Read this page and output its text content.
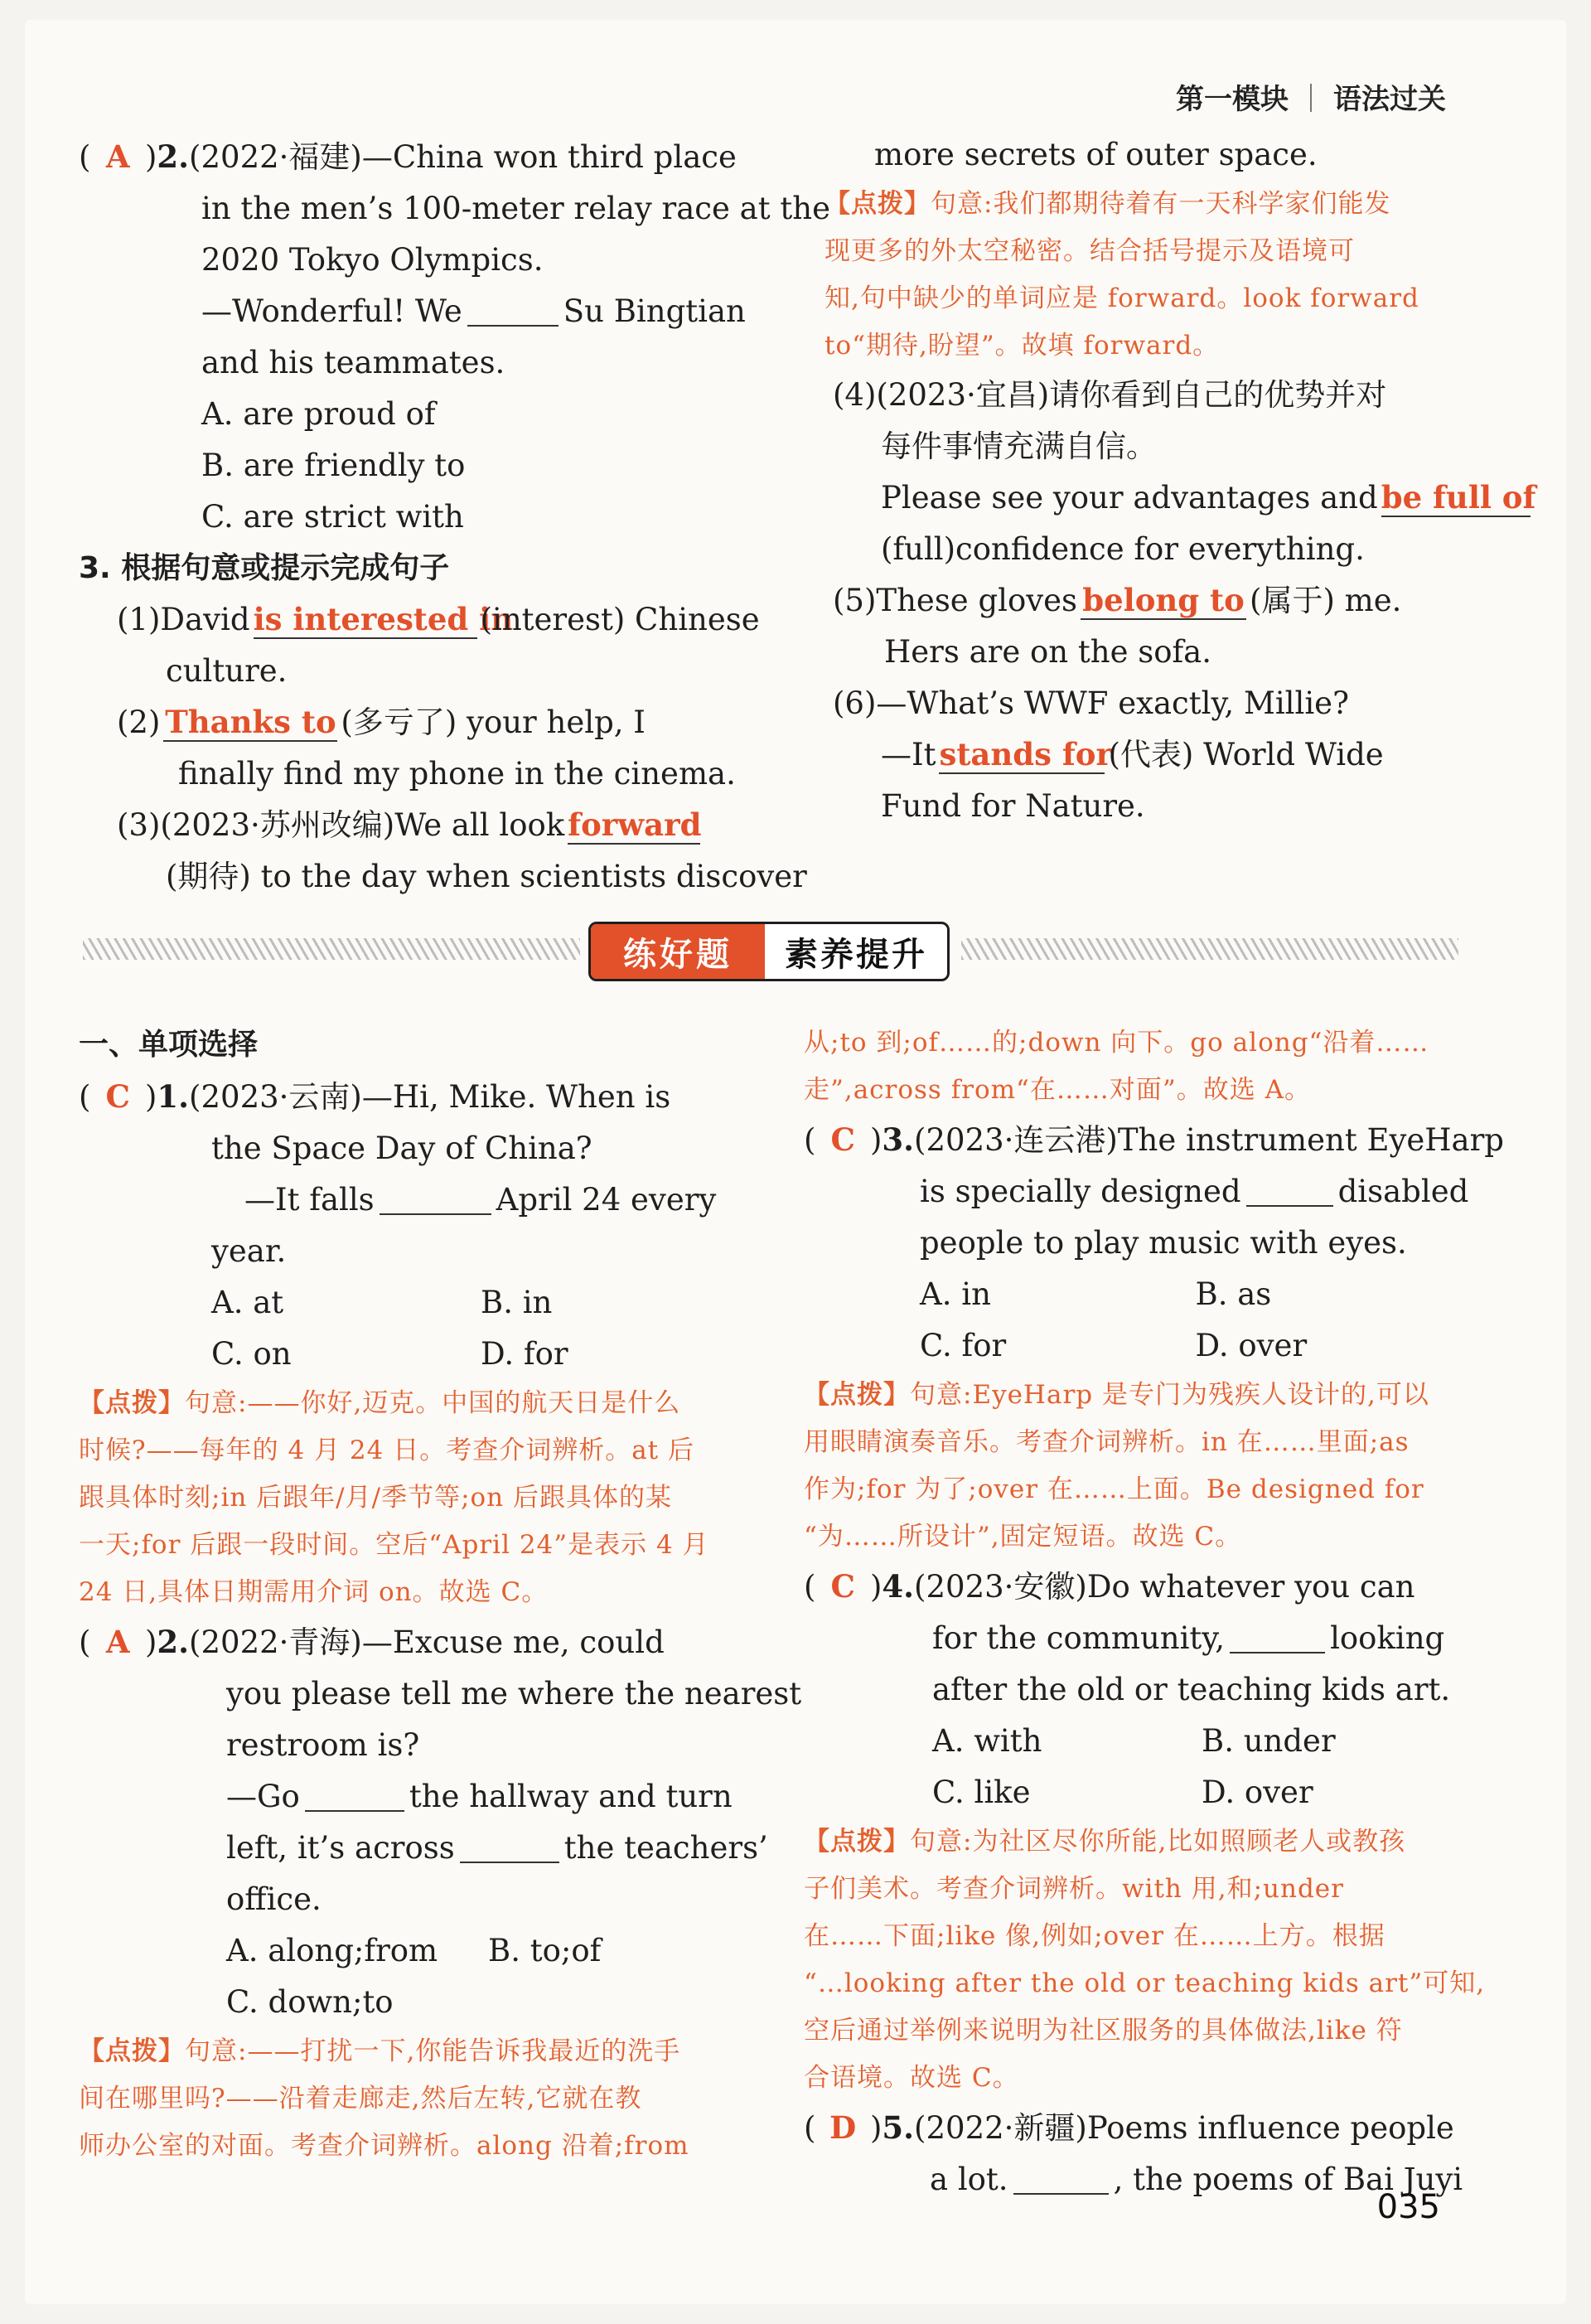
第一模块 语法过关
( A )2.(2022·福建)—China won third place
in the men’s 100-meter relay race at the
2020 Tokyo Olympics.
—Wonderful! We	Su Bingtian
and his teammates.
A. are proud of
B. are friendly to
C. are strict with
3. 根据句意或提示完成句子
(1)David is interested in(interest) Chinese
culture.
(2) Thanks to (多亏了) your help, I
finally find my phone in the cinema.
(3)(2023·苏州改编)We all look forward
(期待) to the day when scientists discover
more secrets of outer space.
【点拨】句意:我们都期待着有一天科学家们能发
现更多的外太空秘密。结合括号提示及语境可
知,句中缺少的单词应是 forward。look forward
to“期待,盼望”。故填 forward。
(4)(2023·宜昌)请你看到自己的优势并对
每件事情充满自信。
Please see your advantages and be full of
(full)confidence for everything.
(5)These gloves belong to (属于) me.
Hers are on the sofa.
(6)—What’s WWF exactly, Millie?
—It stands for(代表) World Wide
Fund for Nature.
练好题	素养提升
一、单项选择
( C )1.(2023·云南)—Hi, Mike. When is
the Space Day of China?
—It falls	April 24 every
year.
A. at	B. in
C. on	D. for
【点拨】句意:——你好,迈克。中国的航天日是什么
时候?——每年的 4 月 24 日。考查介词辨析。at 后
跟具体时刻;in 后跟年/月/季节等;on 后跟具体的某
一天;for 后跟一段时间。空后“April 24”是表示 4 月
24 日,具体日期需用介词 on。故选 C。
( A )2.(2022·青海)—Excuse me, could
you please tell me where the nearest
restroom is?
—Go	the hallway and turn
left, it’s across	the teachers’
office.
A. along;from	B. to;of
C. down;to
【点拨】句意:——打扰一下,你能告诉我最近的洗手
间在哪里吗?——沿着走廊走,然后左转,它就在教
师办公室的对面。考查介词辨析。along 沿着;from
从;to 到;of……的;down 向下。go along“沿着……
走”,across from“在……对面”。故选 A。
( C )3.(2023·连云港)The instrument EyeHarp
is specially designed	disabled
people to play music with eyes.
A. in	B. as
C. for	D. over
【点拨】句意:EyeHarp 是专门为残疾人设计的,可以
用眼睛演奏音乐。考查介词辨析。in 在……里面;as
作为;for 为了;over 在……上面。Be designed for
“为……所设计”,固定短语。故选 C。
( C )4.(2023·安徽)Do whatever you can
for the community,	looking
after the old or teaching kids art.
A. with	B. under
C. like	D. over
【点拨】句意:为社区尽你所能,比如照顾老人或教孩
子们美术。考查介词辨析。with 用,和;under
在……下面;like 像,例如;over 在……上方。根据
“…looking after the old or teaching kids art”可知,
空后通过举例来说明为社区服务的具体做法,like 符
合语境。故选 C。
( D )5.(2022·新疆)Poems influence people
a lot.	, the poems of Bai Juyi
035
